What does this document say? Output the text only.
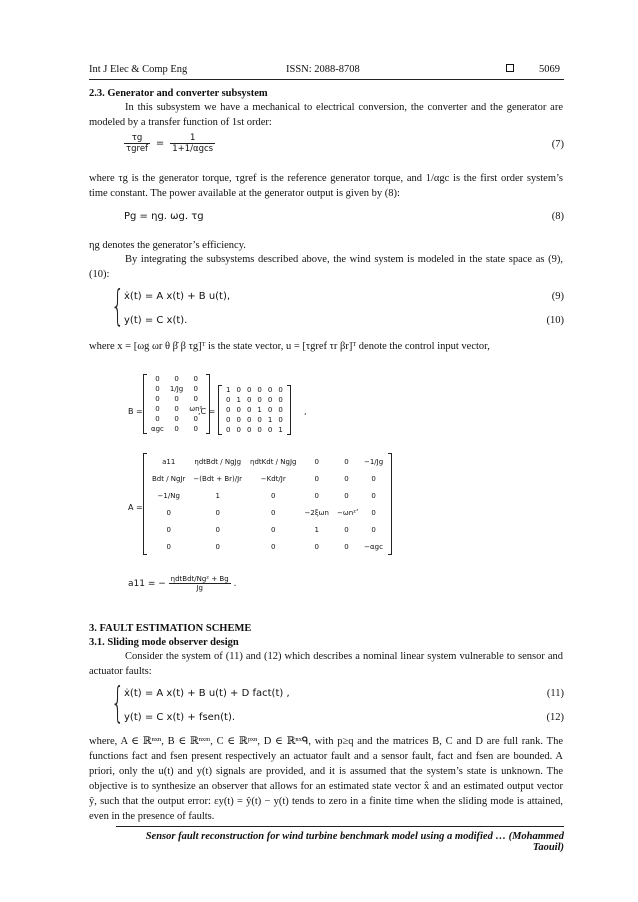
Int J Elec & Comp Eng	ISSN: 2088-8708	5069
2.3. Generator and converter subsystem
In this subsystem we have a mechanical to electrical conversion, the converter and the generator are modeled by a transfer function of 1st order:
$\frac{\tau g}{\text{τgref}} = \frac{1}{\text{1+1/αgcs}}$	(7)
where τg is the generator torque, τgref is the reference generator torque, and 1/αgc is the first order system’s time constant. The power available at the generator output is given by (8):
Pg = ηg. ωg. τg	(8)
ηg denotes the generator’s efficiency.
By integrating the subsystems described above, the wind system is modeled in the state space as (9), (10):
{ ẋ(t) = A x(t) + B u(t),	(9)
y(t) = C x(t).	(10)
where x = [ωg ωr θ β̇ β τg]ᵀ is the state vector, u = [τgref τr βr]ᵀ denote the control input vector,
B =
0	0	0
0	1/Jg	0
0	0	0
0	0	ωn²
0	0	0
αgc	0	0
,C =
1	0	0	0	0	0
0	1	0	0	0	0
0	0	0	1	0	0
0	0	0	0	1	0
0	0	0	0	0	1
,
A =
a11	ηdtBdt / NgJg	ηdtKdt / NgJg	0	0	−1/Jg
Bdt / NgJr	−(Bdt + Br)/Jr	−Kdt/Jr	0	0	0
−1/Ng	1	0	0	0	0
0	0	0	−2ξωn	−ωn²	0
0	0	0	1	0	0
0	0	0	0	0	−αgc
,
a11 = − $\frac{\text{ηdtBdt/Ng² + Bg}}{Jg}$ .
3. FAULT ESTIMATION SCHEME
3.1. Sliding mode observer design
Consider the system of (11) and (12) which describes a nominal linear system vulnerable to sensor and actuator faults:
{ ẋ(t) = A x(t) + B u(t) + D fact(t) ,	(11)
y(t) = C x(t) + fsen(t).	(12)
where, A ∈ ℝⁿˣⁿ, B ∈ ℝⁿˣᵐ, C ∈ ℝᵖˣⁿ, D ∈ ℝⁿˣᑫ, with p≥q and the matrices B, C and D are full rank. The functions fact and fsen present respectively an actuator fault and a sensor fault, fact and fsen are bounded. A priori, only the u(t) and y(t) signals are provided, and it is assumed that the system’s state is unknown. The objective is to synthesize an observer that allows for an estimated state vector x̂ and an estimated output vector ŷ, such that the output error: εy(t) = ŷ(t) − y(t) tends to zero in a finite time when the sliding mode is attained, even in the presence of faults.
Sensor fault reconstruction for wind turbine benchmark model using a modified … (Mohammed Taouil)
